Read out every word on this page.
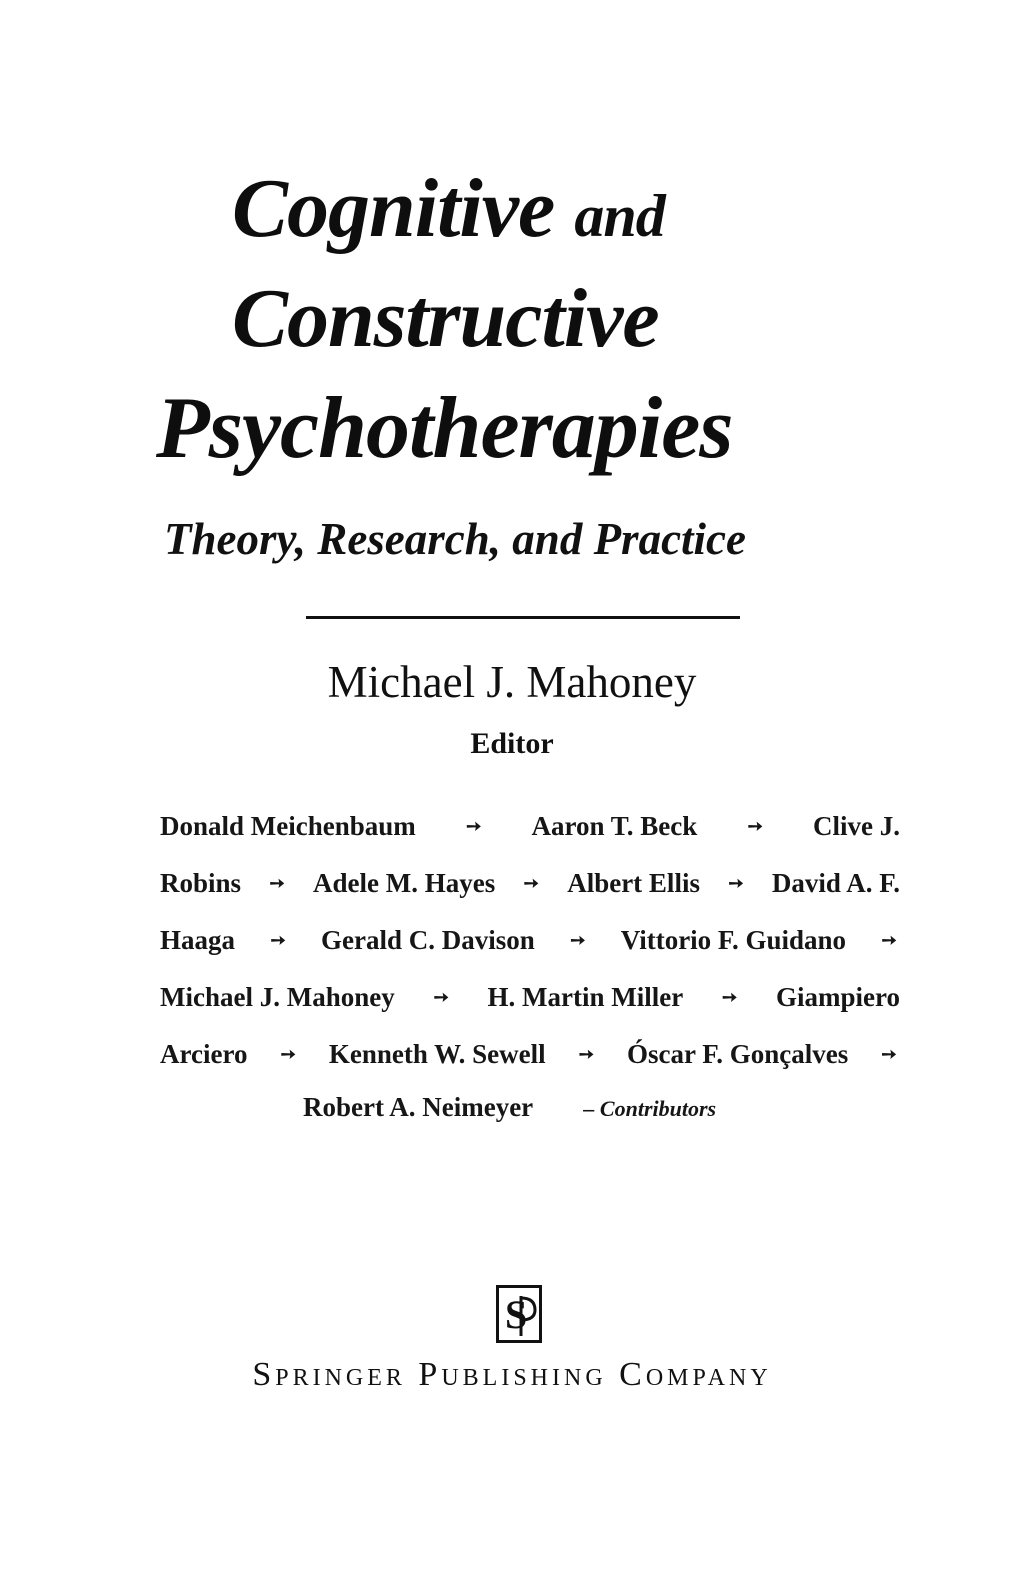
Cognitive and
Constructive
Psychotherapies
Theory, Research, and Practice
Michael J. Mahoney
Editor
Donald Meichenbaum	➙ Aaron T. Beck	➙ Clive J.
Robins ➙ Adele M. Hayes ➙ Albert Ellis ➙ David A. F.
Haaga ➙ Gerald C. Davison ➙ Vittorio F. Guidano ➙
Michael J. Mahoney ➙ H. Martin Miller ➙ Giampiero
Arciero ➙ Kenneth W. Sewell ➙ Óscar F. Gonçalves ➙
Robert A. Neimeyer – Contributors
S
Springer Publishing Company
